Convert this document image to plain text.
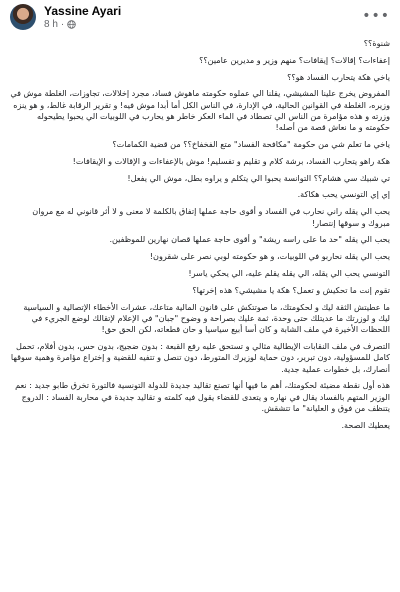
Yassine Ayari
8 h ·
•••

شنوة؟؟

إعفاءات؟ إقالات؟ إيقافات؟ منهم وزير و مديرين عامين؟؟

ياخي هكة يتحارب الفساد هو؟؟

المفروض يخرج علينا المشيشي، يقلنا الي عملوه حكومته ماهوش فساد، مجرد إخلالات، تجاوزات، الغلطة موش في وزيره، الغلطة في القوانين الحالية، في الإدارة، في الناس الكل أما أبدا موش فيه! و تقرير الرقابة غالط، و هو ينزه وزرته و هذه مؤامرة من الناس الي تصطاد في الماء العكر خاطر هو يحارب في اللوبيات الي يحبوا يطيحوله حكومته و ما نعاش قصة من أصله!

ياخي ما تعلم شي من حكومة "مكافحة الفساد" متع الفخفاخ؟؟ من قضية الكمامات؟

هكة راهو يتحارب الفساد، برشة كلام و تقليم و تفسليم! موش بالإعفاءات و الإقالات و الإيقافات!

تي شبيك سي هشام؟؟ التوانسة يحبوا الي يتكلم و يراوه بطل، موش الي يفعل!

إي إي التونسي يحب هكاكة.

يحب الي يقله راني نحارب في الفساد و أقوى حاجة عملها إتفاق بالكلمة لا معنى و لا أثر قانوني له مع مروان مبروك و سوقها إنتصار!

يحب الي يقله "حد ما على راسه ريشة" و أقوى حاجة عملها قصان نهارين للموظفين.

يحب الي يقله نحاربو في اللوبيات، و هو حكومته لوبي نصر على شقرون!

التونسي يحب الي يقله، الي يقله يقلم عليه، الي يحكي ياسر!

تقوم إنت ما تحكيش و تعمل؟ هكة يا مشيشي؟ هذه إخرتها؟

ما عطيتش الثقة ليك و لحكومتك، ما صوتتكش على قانون المالية متاعك، عشرات الأخطاء الإتصالية و السياسية ليك و لوزرتك ما عديتلك حتى وحدة، ثمة عليك بصراحة و وضوح "جبان" في الإعلام لإتقالك لوضع الجريء في اللحظات الأخيرة في ملف الشابة و كان أسا أبيع سياسيا و حان قطعاته، لكن الحق حق!

التصرف في ملف النقابات الإيطالية مثالي و تستحق عليه رفع القبعة : بدون ضجيج، بدون حس، بدون أفلام، تحمل كامل للمسؤولية، دون تبرير، دون حماية لوزيرك المتورط، دون تنصل و تتفيه للقضية و إختراع مؤامرة وهمية سوقها أنصارك، بل خطوات عملية جدية.

هذه أول نقطة مضيئة لحكومتك، أهم ما فيها أنها تصنع تقاليد جديدة للدولة التونسية فالتورة تخرق طابو جديد : نعم الوزير المتهم بالفساد يقال في نهاره و يتعدى للقضاء يقول فيه كلمته و تقاليد جديدة في محاربة الفساد : الدروج يتنظف من فوق و العليانة" ما تتشقش.

يعطيك الصحة.
